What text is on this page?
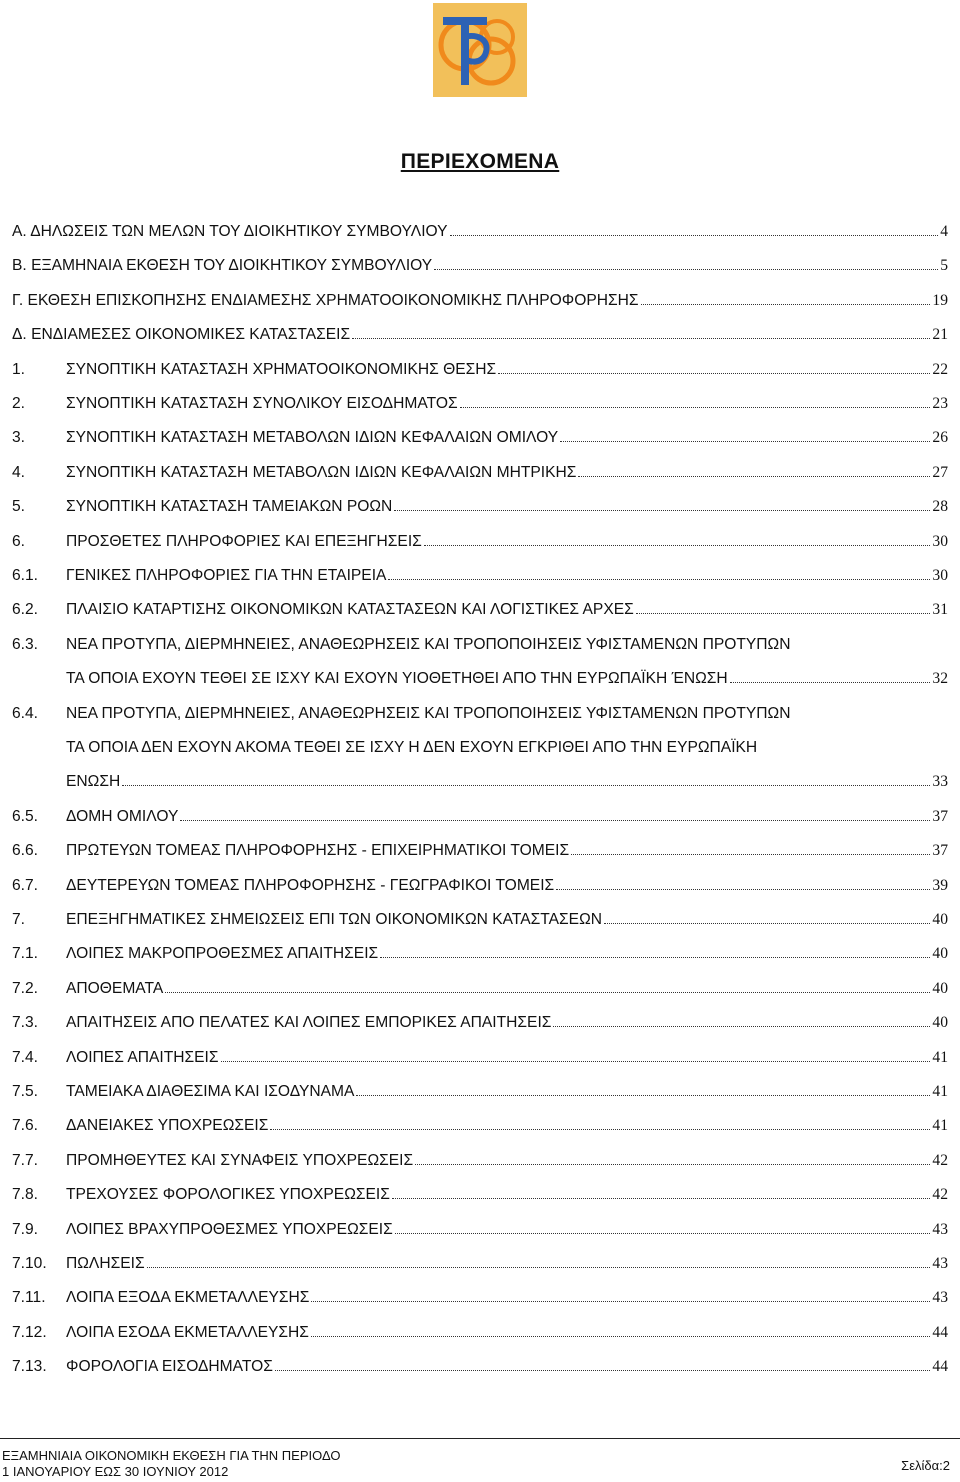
ΠΕΡΙΕΧΟΜΕΝΑ
Α. ΔΗΛΩΣΕΙΣ ΤΩΝ ΜΕΛΩΝ ΤΟΥ ΔΙΟΙΚΗΤΙΚΟΥ ΣΥΜΒΟΥΛΙΟΥ	4
Β. ΕΞΑΜΗΝΑΙΑ ΕΚΘΕΣΗ ΤΟΥ ΔΙΟΙΚΗΤΙΚΟΥ ΣΥΜΒΟΥΛΙΟΥ	5
Γ. ΕΚΘΕΣΗ ΕΠΙΣΚΟΠΗΣΗΣ ΕΝΔΙΑΜΕΣΗΣ ΧΡΗΜΑΤΟΟΙΚΟΝΟΜΙΚΗΣ ΠΛΗΡΟΦΟΡΗΣΗΣ	19
Δ. ΕΝΔΙΑΜΕΣΕΣ ΟΙΚΟΝΟΜΙΚΕΣ ΚΑΤΑΣΤΑΣΕΙΣ	21
1.	ΣΥΝΟΠΤΙΚΗ ΚΑΤΑΣΤΑΣΗ ΧΡΗΜΑΤΟΟΙΚΟΝΟΜΙΚΗΣ ΘΕΣΗΣ	22
2.	ΣΥΝΟΠΤΙΚΗ ΚΑΤΑΣΤΑΣΗ ΣΥΝΟΛΙΚΟΥ ΕΙΣΟΔΗΜΑΤΟΣ	23
3.	ΣΥΝΟΠΤΙΚΗ ΚΑΤΑΣΤΑΣΗ ΜΕΤΑΒΟΛΩΝ ΙΔΙΩΝ ΚΕΦΑΛΑΙΩΝ ΟΜΙΛΟΥ	26
4.	ΣΥΝΟΠΤΙΚΗ ΚΑΤΑΣΤΑΣΗ ΜΕΤΑΒΟΛΩΝ ΙΔΙΩΝ ΚΕΦΑΛΑΙΩΝ ΜΗΤΡΙΚΗΣ	27
5.	ΣΥΝΟΠΤΙΚΗ ΚΑΤΑΣΤΑΣΗ ΤΑΜΕΙΑΚΩΝ ΡΟΩΝ	28
6.	ΠΡΟΣΘΕΤΕΣ ΠΛΗΡΟΦΟΡΙΕΣ ΚΑΙ ΕΠΕΞΗΓΗΣΕΙΣ	30
6.1. ΓΕΝΙΚΕΣ ΠΛΗΡΟΦΟΡΙΕΣ ΓΙΑ ΤΗΝ ΕΤΑΙΡΕΙΑ	30
6.2. ΠΛΑΙΣΙΟ ΚΑΤΑΡΤΙΣΗΣ ΟΙΚΟΝΟΜΙΚΩΝ ΚΑΤΑΣΤΑΣΕΩΝ ΚΑΙ ΛΟΓΙΣΤΙΚΕΣ ΑΡΧΕΣ	31
6.3. ΝΕΑ ΠΡΟΤΥΠΑ, ΔΙΕΡΜΗΝΕΙΕΣ, ΑΝΑΘΕΩΡΗΣΕΙΣ ΚΑΙ ΤΡΟΠΟΠΟΙΗΣΕΙΣ ΥΦΙΣΤΑΜΕΝΩΝ ΠΡΟΤΥΠΩΝ
ΤΑ ΟΠΟΙΑ ΕΧΟΥΝ ΤΕΘΕΙ ΣΕ ΙΣΧΥ ΚΑΙ ΕΧΟΥΝ ΥΙΟΘΕΤΗΘΕΙ ΑΠΟ ΤΗΝ ΕΥΡΩΠΑΪΚΗ ΈΝΩΣΗ	32
6.4. ΝΕΑ ΠΡΟΤΥΠΑ, ΔΙΕΡΜΗΝΕΙΕΣ, ΑΝΑΘΕΩΡΗΣΕΙΣ ΚΑΙ ΤΡΟΠΟΠΟΙΗΣΕΙΣ ΥΦΙΣΤΑΜΕΝΩΝ ΠΡΟΤΥΠΩΝ
ΤΑ ΟΠΟΙΑ ΔΕΝ ΕΧΟΥΝ ΑΚΟΜΑ ΤΕΘΕΙ ΣΕ ΙΣΧΥ Η ΔΕΝ ΕΧΟΥΝ ΕΓΚΡΙΘΕΙ ΑΠΟ ΤΗΝ ΕΥΡΩΠΑΪΚΗ
ΕΝΩΣΗ	33
6.5. ΔΟΜΗ ΟΜΙΛΟΥ	37
6.6. ΠΡΩΤΕΥΩΝ ΤΟΜΕΑΣ ΠΛΗΡΟΦΟΡΗΣΗΣ - ΕΠΙΧΕΙΡΗΜΑΤΙΚΟΙ ΤΟΜΕΙΣ	37
6.7. ΔΕΥΤΕΡΕΥΩΝ ΤΟΜΕΑΣ ΠΛΗΡΟΦΟΡΗΣΗΣ - ΓΕΩΓΡΑΦΙΚΟΙ ΤΟΜΕΙΣ	39
7.	ΕΠΕΞΗΓΗΜΑΤΙΚΕΣ ΣΗΜΕΙΩΣΕΙΣ ΕΠΙ ΤΩΝ ΟΙΚΟΝΟΜΙΚΩΝ ΚΑΤΑΣΤΑΣΕΩΝ	40
7.1. ΛΟΙΠΕΣ ΜΑΚΡΟΠΡΟΘΕΣΜΕΣ ΑΠΑΙΤΗΣΕΙΣ	40
7.2. ΑΠΟΘΕΜΑΤΑ	40
7.3. ΑΠΑΙΤΗΣΕΙΣ ΑΠΟ ΠΕΛΑΤΕΣ ΚΑΙ ΛΟΙΠΕΣ ΕΜΠΟΡΙΚΕΣ ΑΠΑΙΤΗΣΕΙΣ	40
7.4. ΛΟΙΠΕΣ ΑΠΑΙΤΗΣΕΙΣ	41
7.5. ΤΑΜΕΙΑΚΑ ΔΙΑΘΕΣΙΜΑ ΚΑΙ ΙΣΟΔΥΝΑΜΑ	41
7.6. ΔΑΝΕΙΑΚΕΣ ΥΠΟΧΡΕΩΣΕΙΣ	41
7.7. ΠΡΟΜΗΘΕΥΤΕΣ ΚΑΙ ΣΥΝΑΦΕΙΣ ΥΠΟΧΡΕΩΣΕΙΣ	42
7.8. ΤΡΕΧΟΥΣΕΣ ΦΟΡΟΛΟΓΙΚΕΣ ΥΠΟΧΡΕΩΣΕΙΣ	42
7.9. ΛΟΙΠΕΣ ΒΡΑΧΥΠΡΟΘΕΣΜΕΣ ΥΠΟΧΡΕΩΣΕΙΣ	43
7.10. ΠΩΛΗΣΕΙΣ	43
7.11. ΛΟΙΠΑ ΕΞΟΔΑ ΕΚΜΕΤΑΛΛΕΥΣΗΣ	43
7.12. ΛΟΙΠΑ ΕΣΟΔΑ ΕΚΜΕΤΑΛΛΕΥΣΗΣ	44
7.13. ΦΟΡΟΛΟΓΙΑ ΕΙΣΟΔΗΜΑΤΟΣ	44
ΕΞΑΜΗΝΙΑΙΑ ΟΙΚΟΝΟΜΙΚΗ ΕΚΘΕΣΗ ΓΙΑ ΤΗΝ ΠΕΡΙΟΔΟ
1 ΙΑΝΟΥΑΡΙΟΥ ΕΩΣ 30 ΙΟΥΝΙΟΥ 2012	Σελίδα:2
